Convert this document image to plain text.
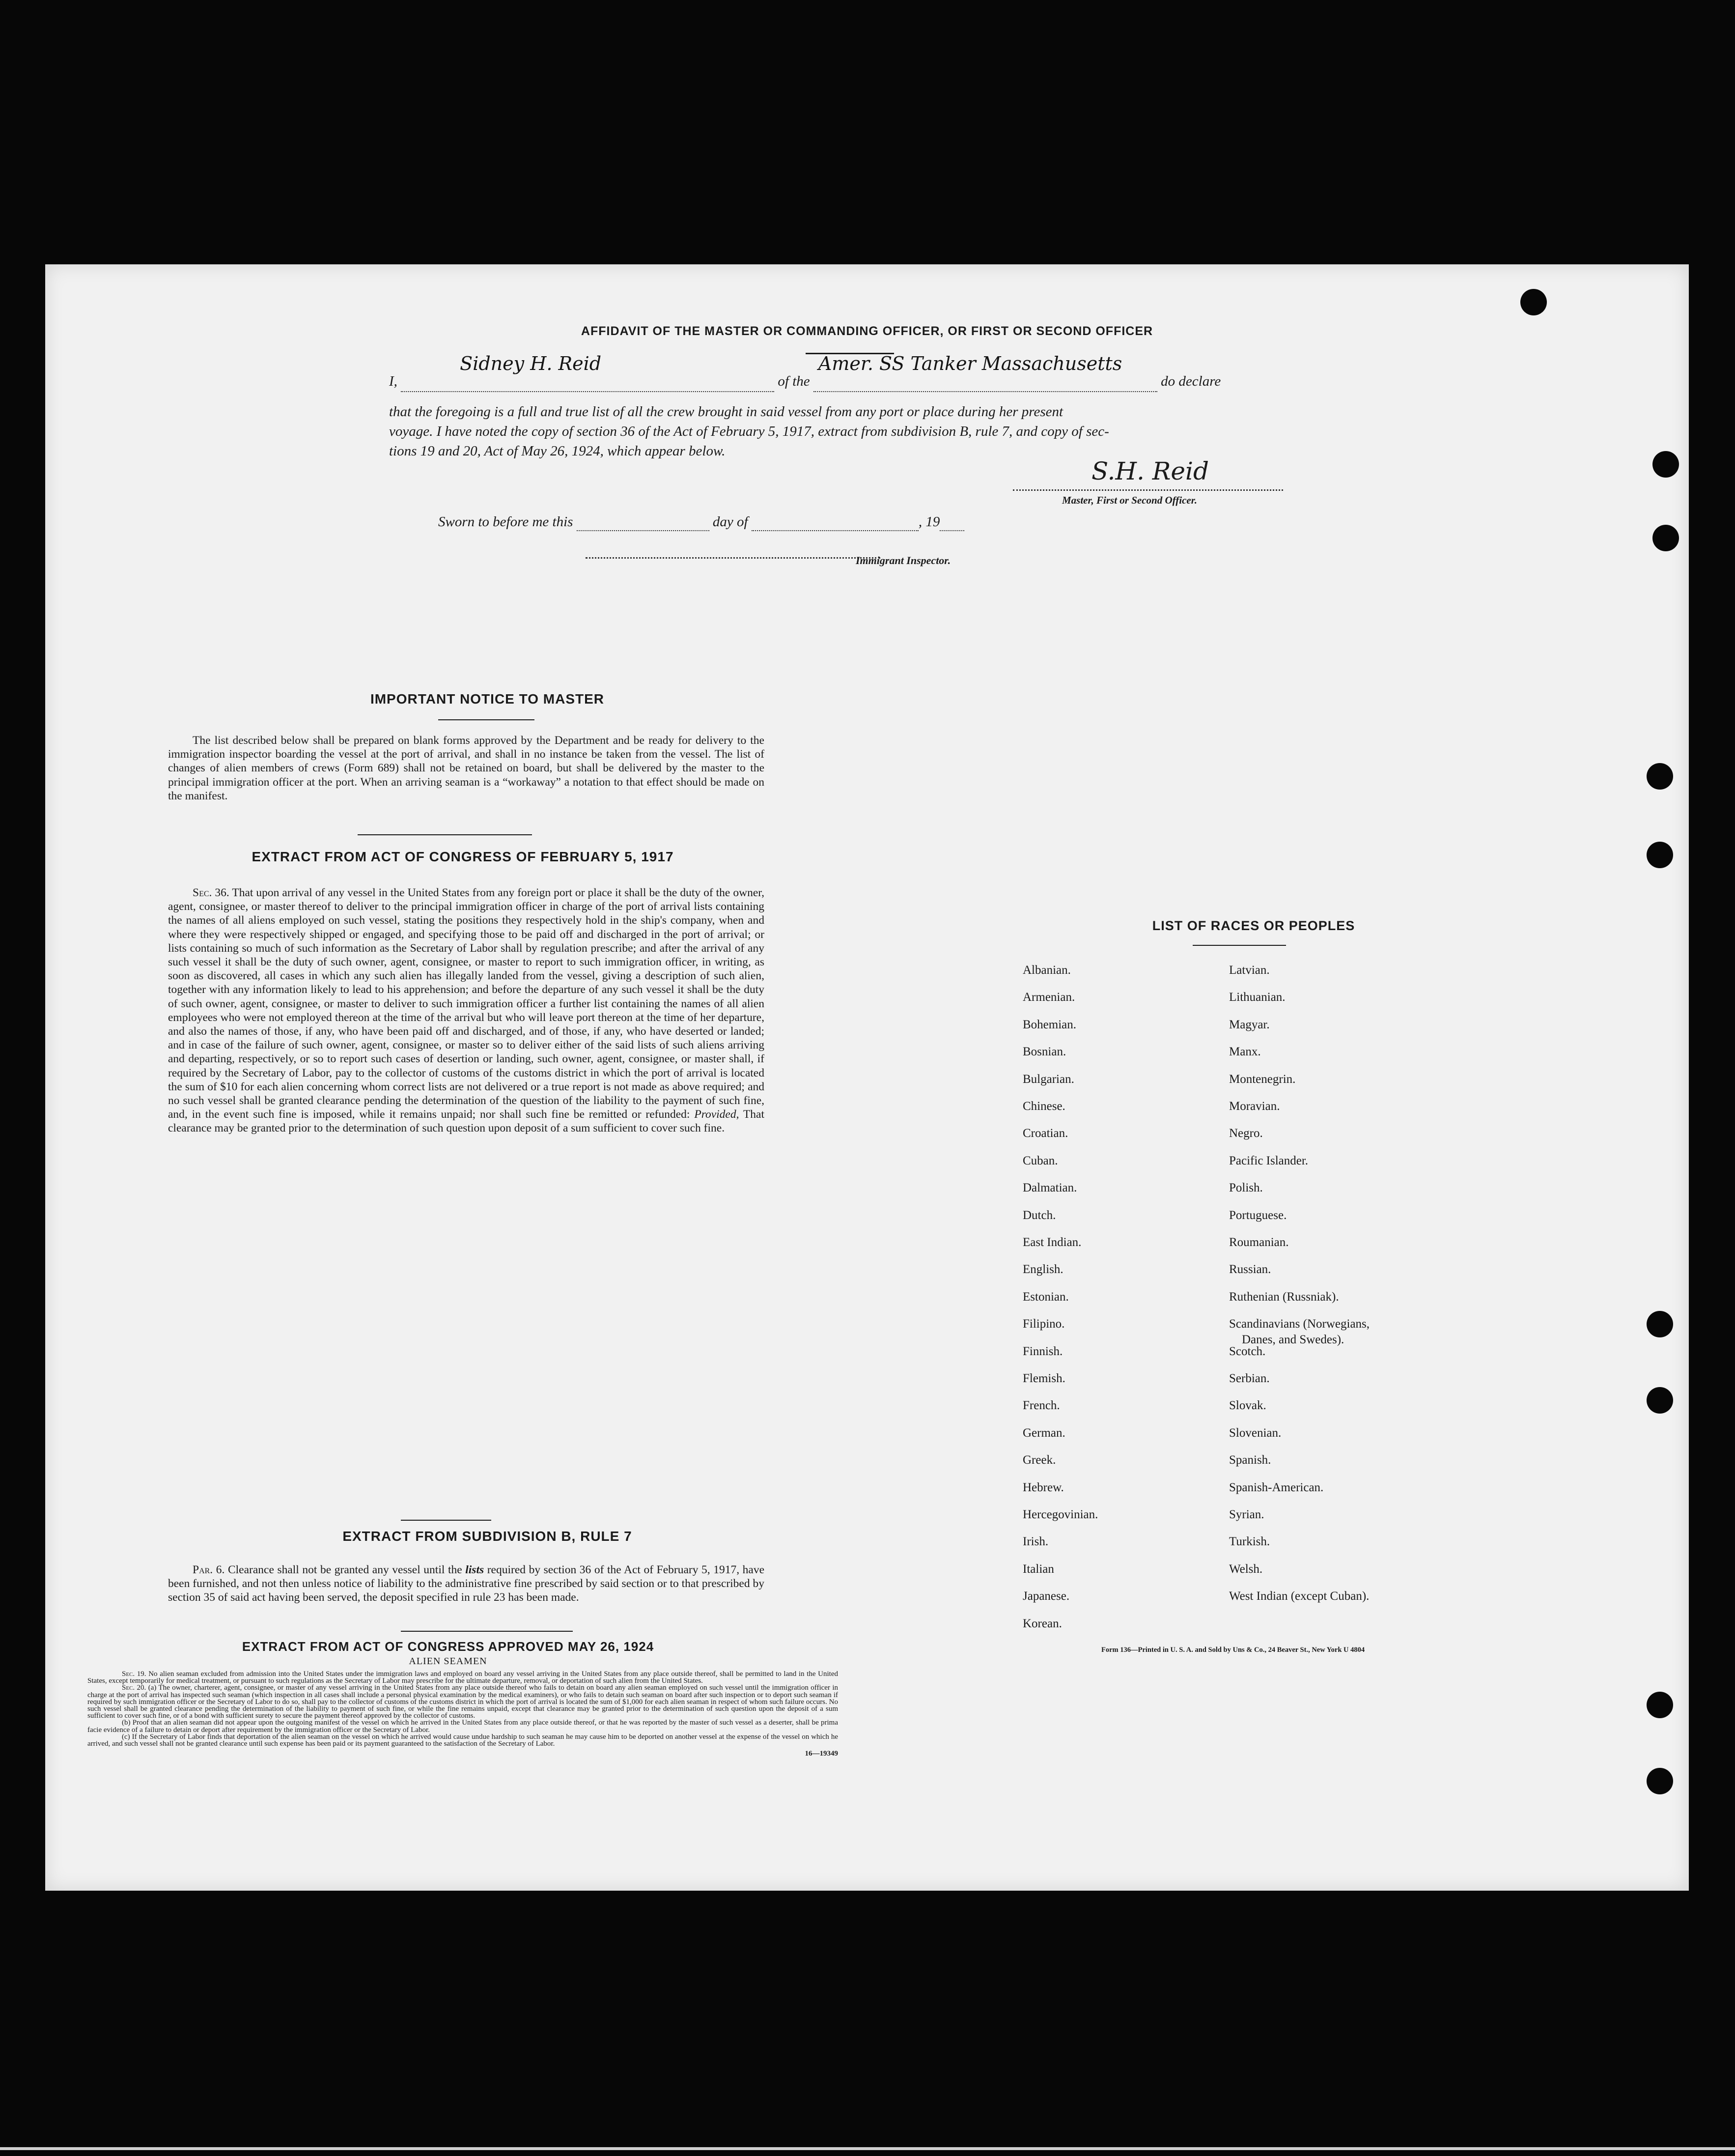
AFFIDAVIT OF THE MASTER OR COMMANDING OFFICER, OR FIRST OR SECOND OFFICER
I,
Sidney H. Reid
of the
Amer. SS Tanker Massachusetts
do declare
that the foregoing is a full and true list of all the crew brought in said vessel from any port or place during her present
voyage. I have noted the copy of section 36 of the Act of February 5, 1917, extract from subdivision B, rule 7, and copy of sec-
tions 19 and 20, Act of May 26, 1924, which appear below.
S.H. Reid
Master, First or Second Officer.
Sworn to before me this	day of	, 19
Immigrant Inspector.
IMPORTANT NOTICE TO MASTER
The list described below shall be prepared on blank forms approved by the Department and be ready for delivery to the immigration inspector boarding the vessel at the port of arrival, and shall in no instance be taken from the vessel. The list of changes of alien members of crews (Form 689) shall not be retained on board, but shall be delivered by the master to the principal immigration officer at the port. When an arriving seaman is a “workaway” a notation to that effect should be made on the manifest.
EXTRACT FROM ACT OF CONGRESS OF FEBRUARY 5, 1917
Sec. 36. That upon arrival of any vessel in the United States from any foreign port or place it shall be the duty of the owner, agent, consignee, or master thereof to deliver to the principal immigration officer in charge of the port of arrival lists containing the names of all aliens employed on such vessel, stating the positions they respectively hold in the ship's company, when and where they were respectively shipped or engaged, and specifying those to be paid off and discharged in the port of arrival; or lists containing so much of such information as the Secretary of Labor shall by regulation prescribe; and after the arrival of any such vessel it shall be the duty of such owner, agent, consignee, or master to report to such immigration officer, in writing, as soon as discovered, all cases in which any such alien has illegally landed from the vessel, giving a description of such alien, together with any information likely to lead to his apprehension; and before the departure of any such vessel it shall be the duty of such owner, agent, consignee, or master to deliver to such immigration officer a further list containing the names of all alien employees who were not employed thereon at the time of the arrival but who will leave port thereon at the time of her departure, and also the names of those, if any, who have been paid off and discharged, and of those, if any, who have deserted or landed; and in case of the failure of such owner, agent, consignee, or master so to deliver either of the said lists of such aliens arriving and departing, respectively, or so to report such cases of desertion or landing, such owner, agent, consignee, or master shall, if required by the Secretary of Labor, pay to the collector of customs of the customs district in which the port of arrival is located the sum of $10 for each alien concerning whom correct lists are not delivered or a true report is not made as above required; and no such vessel shall be granted clearance pending the determination of the question of the liability to the payment of such fine, and, in the event such fine is imposed, while it remains unpaid; nor shall such fine be remitted or refunded: Provided, That clearance may be granted prior to the determination of such question upon deposit of a sum sufficient to cover such fine.
EXTRACT FROM SUBDIVISION B, RULE 7
Par. 6. Clearance shall not be granted any vessel until the lists required by section 36 of the Act of February 5, 1917, have been furnished, and not then unless notice of liability to the administrative fine prescribed by said section or to that prescribed by section 35 of said act having been served, the deposit specified in rule 23 has been made.
EXTRACT FROM ACT OF CONGRESS APPROVED MAY 26, 1924
ALIEN SEAMEN
Sec. 19. No alien seaman excluded from admission into the United States under the immigration laws and employed on board any vessel arriving in the United States from any place outside thereof, shall be permitted to land in the United States, except temporarily for medical treatment, or pursuant to such regulations as the Secretary of Labor may prescribe for the ultimate departure, removal, or deportation of such alien from the United States.
Sec. 20. (a) The owner, charterer, agent, consignee, or master of any vessel arriving in the United States from any place outside thereof who fails to detain on board any alien seaman employed on such vessel until the immigration officer in charge at the port of arrival has inspected such seaman (which inspection in all cases shall include a personal physical examination by the medical examiners), or who fails to detain such seaman on board after such inspection or to deport such seaman if required by such immigration officer or the Secretary of Labor to do so, shall pay to the collector of customs of the customs district in which the port of arrival is located the sum of $1,000 for each alien seaman in respect of whom such failure occurs. No such vessel shall be granted clearance pending the determination of the liability to payment of such fine, or while the fine remains unpaid, except that clearance may be granted prior to the determination of such question upon the deposit of a sum sufficient to cover such fine, or of a bond with sufficient surety to secure the payment thereof approved by the collector of customs.
(b) Proof that an alien seaman did not appear upon the outgoing manifest of the vessel on which he arrived in the United States from any place outside thereof, or that he was reported by the master of such vessel as a deserter, shall be prima facie evidence of a failure to detain or deport after requirement by the immigration officer or the Secretary of Labor.
(c) If the Secretary of Labor finds that deportation of the alien seaman on the vessel on which he arrived would cause undue hardship to such seaman he may cause him to be deported on another vessel at the expense of the vessel on which he arrived, and such vessel shall not be granted clearance until such expense has been paid or its payment guaranteed to the satisfaction of the Secretary of Labor.
16—19349
LIST OF RACES OR PEOPLES
Form 136—Printed in U. S. A. and Sold by Uns & Co., 24 Beaver St., New York U 4804
Albanian.
Armenian.
Bohemian.
Bosnian.
Bulgarian.
Chinese.
Croatian.
Cuban.
Dalmatian.
Dutch.
East Indian.
English.
Estonian.
Filipino.
Finnish.
Flemish.
French.
German.
Greek.
Hebrew.
Hercegovinian.
Irish.
Italian
Japanese.
Korean.
Latvian.
Lithuanian.
Magyar.
Manx.
Montenegrin.
Moravian.
Negro.
Pacific Islander.
Polish.
Portuguese.
Roumanian.
Russian.
Ruthenian (Russniak).
Scandinavians (Norwegians,
Danes, and Swedes).
Scotch.
Serbian.
Slovak.
Slovenian.
Spanish.
Spanish-American.
Syrian.
Turkish.
Welsh.
West Indian (except Cuban).
